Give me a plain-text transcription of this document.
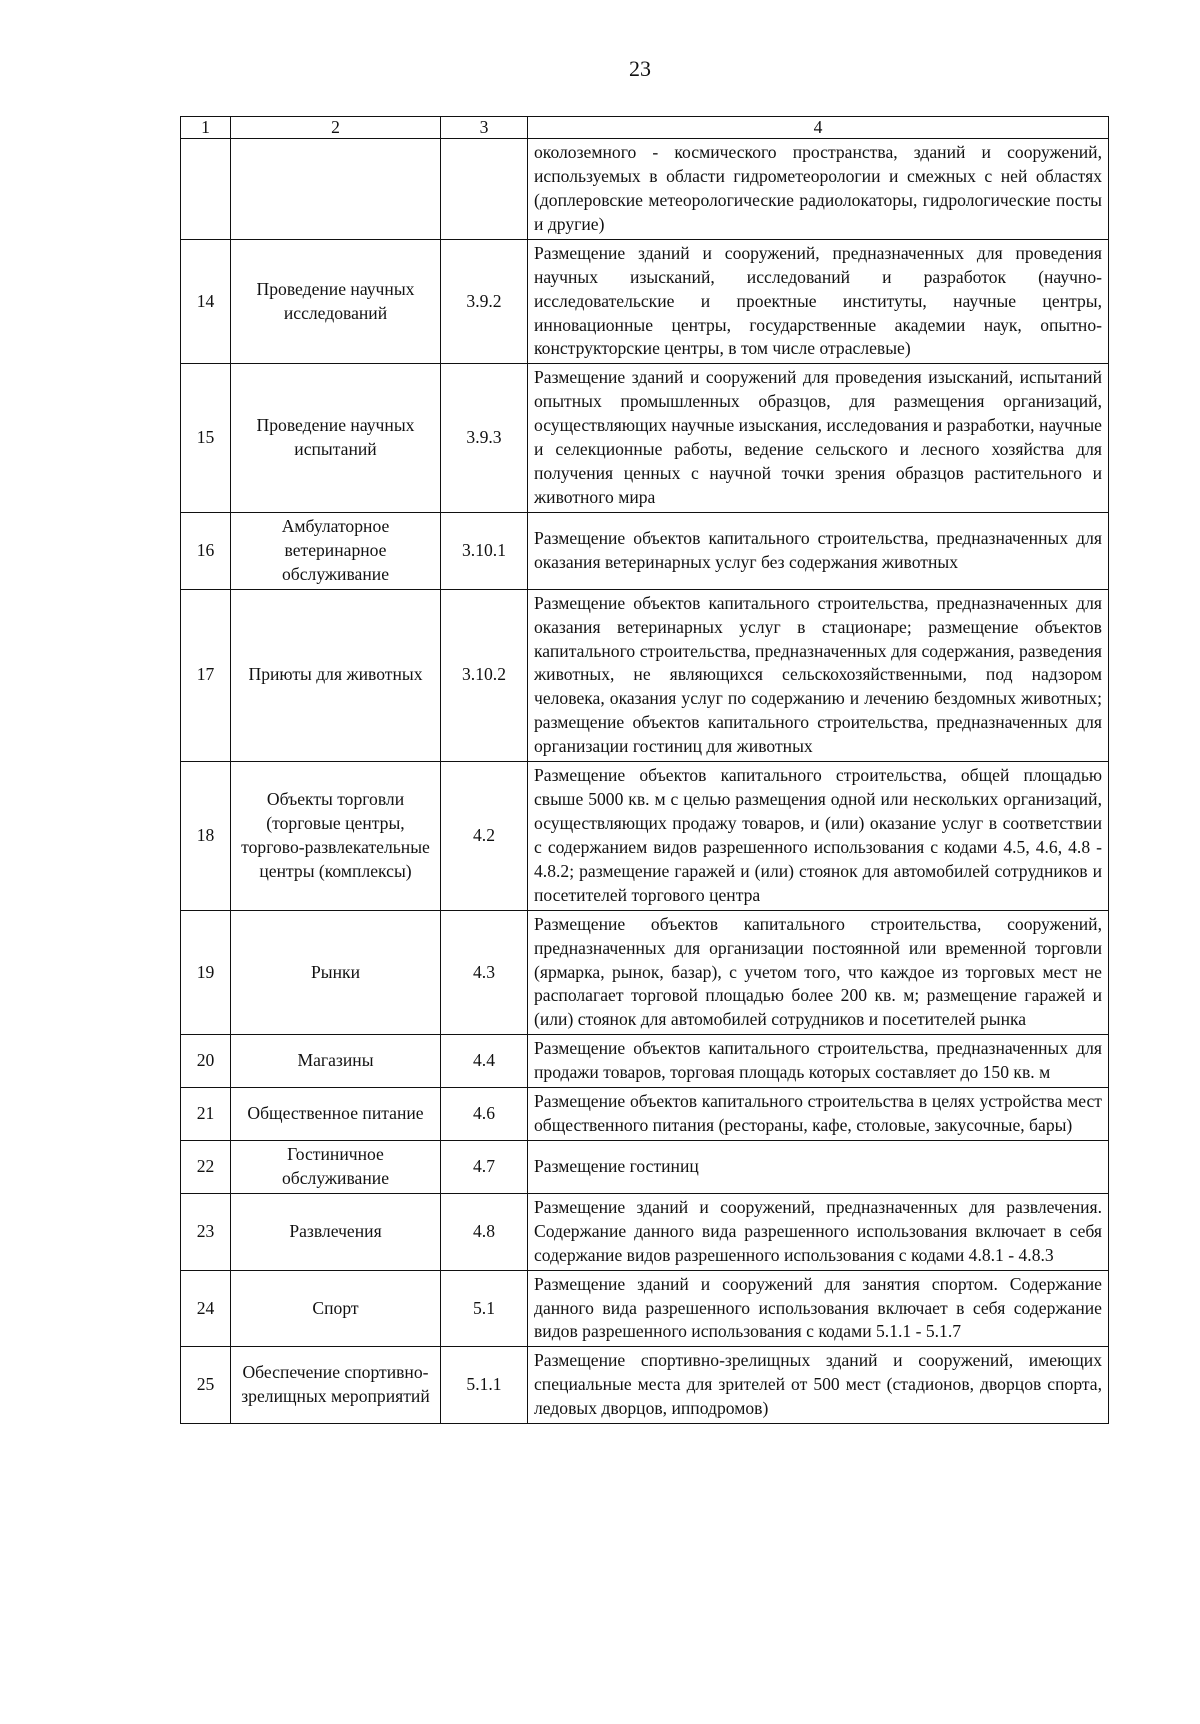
23
1	2	3	4
			околоземного - космического пространства, зданий и сооружений, используемых в области гидрометеорологии и смежных с ней областях (доплеровские метеорологические радиолокаторы, гидрологические посты и другие)
14	Проведение научных исследований	3.9.2	Размещение зданий и сооружений, предназначенных для проведения научных изысканий, исследований и разработок (научно-исследовательские и проектные институты, научные центры, инновационные центры, государственные академии наук, опытно-конструкторские центры, в том числе отраслевые)
15	Проведение научных испытаний	3.9.3	Размещение зданий и сооружений для проведения изысканий, испытаний опытных промышленных образцов, для размещения организаций, осуществляющих научные изыскания, исследования и разработки, научные и селекционные работы, ведение сельского и лесного хозяйства для получения ценных с научной точки зрения образцов растительного и животного мира
16	Амбулаторное ветеринарное обслуживание	3.10.1	Размещение объектов капитального строительства, предназначенных для оказания ветеринарных услуг без содержания животных
17	Приюты для животных	3.10.2	Размещение объектов капитального строительства, предназначенных для оказания ветеринарных услуг в стационаре; размещение объектов капитального строительства, предназначенных для содержания, разведения животных, не являющихся сельскохозяйственными, под надзором человека, оказания услуг по содержанию и лечению бездомных животных; размещение объектов капитального строительства, предназначенных для организации гостиниц для животных
18	Объекты торговли (торговые центры, торгово-развлекательные центры (комплексы)	4.2	Размещение объектов капитального строительства, общей площадью свыше 5000 кв. м с целью размещения одной или нескольких организаций, осуществляющих продажу товаров, и (или) оказание услуг в соответствии с содержанием видов разрешенного использования с кодами 4.5, 4.6, 4.8 - 4.8.2; размещение гаражей и (или) стоянок для автомобилей сотрудников и посетителей торгового центра
19	Рынки	4.3	Размещение объектов капитального строительства, сооружений, предназначенных для организации постоянной или временной торговли (ярмарка, рынок, базар), с учетом того, что каждое из торговых мест не располагает торговой площадью более 200 кв. м; размещение гаражей и (или) стоянок для автомобилей сотрудников и посетителей рынка
20	Магазины	4.4	Размещение объектов капитального строительства, предназначенных для продажи товаров, торговая площадь которых составляет до 150 кв. м
21	Общественное питание	4.6	Размещение объектов капитального строительства в целях устройства мест общественного питания (рестораны, кафе, столовые, закусочные, бары)
22	Гостиничное обслуживание	4.7	Размещение гостиниц
23	Развлечения	4.8	Размещение зданий и сооружений, предназначенных для развлечения. Содержание данного вида разрешенного использования включает в себя содержание видов разрешенного использования с кодами 4.8.1 - 4.8.3
24	Спорт	5.1	Размещение зданий и сооружений для занятия спортом. Содержание данного вида разрешенного использования включает в себя содержание видов разрешенного использования с кодами 5.1.1 - 5.1.7
25	Обеспечение спортивно-зрелищных мероприятий	5.1.1	Размещение спортивно-зрелищных зданий и сооружений, имеющих специальные места для зрителей от 500 мест (стадионов, дворцов спорта, ледовых дворцов, ипподромов)
